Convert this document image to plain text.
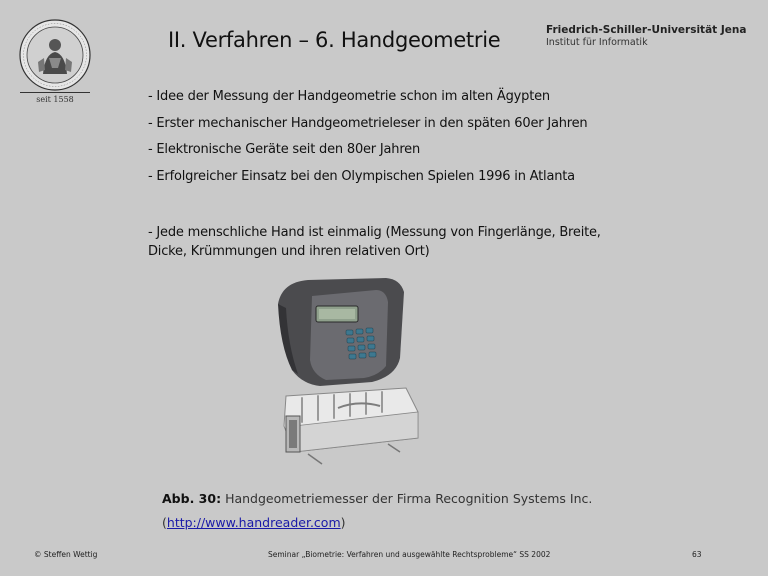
seit 1558
II. Verfahren – 6. Handgeometrie	Friedrich-Schiller-Universität Jena
Institut für Informatik
- Idee der Messung der Handgeometrie schon im alten Ägypten
- Erster mechanischer Handgeometrieleser in den späten 60er Jahren
- Elektronische Geräte seit den 80er Jahren
- Erfolgreicher Einsatz bei den Olympischen Spielen 1996 in Atlanta
- Jede menschliche Hand ist einmalig (Messung von Fingerlänge, Breite, Dicke, Krümmungen und ihren relativen Ort)
Abb. 30: Handgeometriemesser der Firma Recognition Systems Inc.
(http://www.handreader.com)
© Steffen Wettig	Seminar „Biometrie: Verfahren und ausgewählte Rechtsprobleme“ SS 2002	63
